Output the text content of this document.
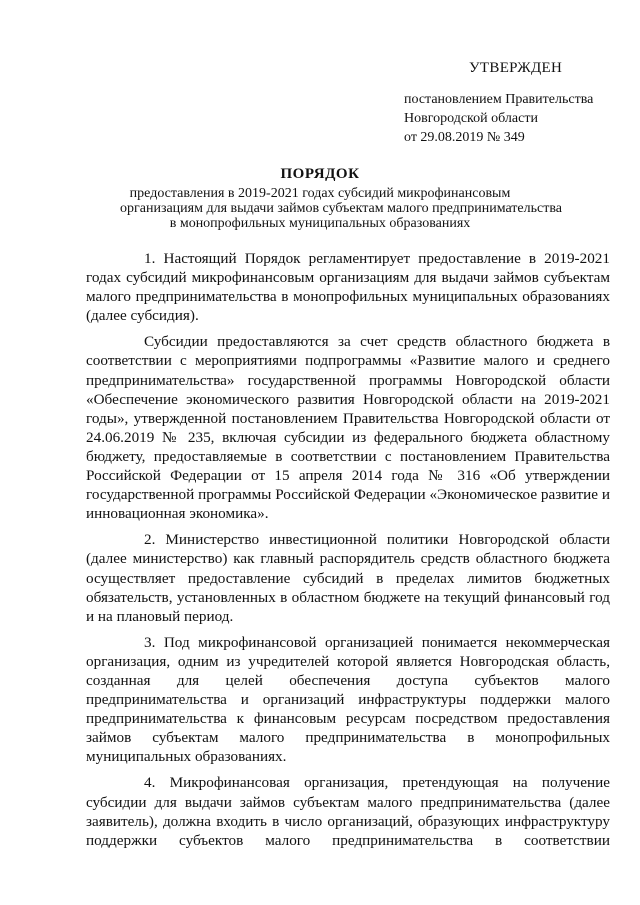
УТВЕРЖДЕН
постановлением Правительства
Новгородской области
от 29.08.2019 № 349
ПОРЯДОК
предоставления в 2019-2021 годах субсидий микрофинансовым
организациям для выдачи займов субъектам малого предпринимательства
в монопрофильных муниципальных образованиях

1. Настоящий Порядок регламентирует предоставление в 2019-2021 годах субсидий микрофинансовым организациям для выдачи займов субъектам малого предпринимательства в монопрофильных муниципальных образованиях (далее субсидия).

Субсидии предоставляются за счет средств областного бюджета в соответствии с мероприятиями подпрограммы «Развитие малого и среднего предпринимательства» государственной программы Новгородской области «Обеспечение экономического развития Новгородской области на 2019-2021 годы», утвержденной постановлением Правительства Новгородской области от 24.06.2019 № 235, включая субсидии из федерального бюджета областному бюджету, предоставляемые в соответствии с постановлением Правительства Российской Федерации от 15 апреля 2014 года № 316 «Об утверждении государственной программы Российской Федерации «Экономическое развитие и инновационная экономика».

2. Министерство инвестиционной политики Новгородской области (далее министерство) как главный распорядитель средств областного бюджета осуществляет предоставление субсидий в пределах лимитов бюджетных обязательств, установленных в областном бюджете на текущий финансовый год и на плановый период.

3. Под микрофинансовой организацией понимается некоммерческая организация, одним из учредителей которой является Новгородская область, созданная для целей обеспечения доступа субъектов малого предпринимательства и организаций инфраструктуры поддержки малого предпринимательства к финансовым ресурсам посредством предоставления займов субъектам малого предпринимательства в монопрофильных муниципальных образованиях.

4. Микрофинансовая организация, претендующая на получение субсидии для выдачи займов субъектам малого предпринимательства (далее заявитель), должна входить в число организаций, образующих инфраструктуру поддержки субъектов малого предпринимательства в соответствии
